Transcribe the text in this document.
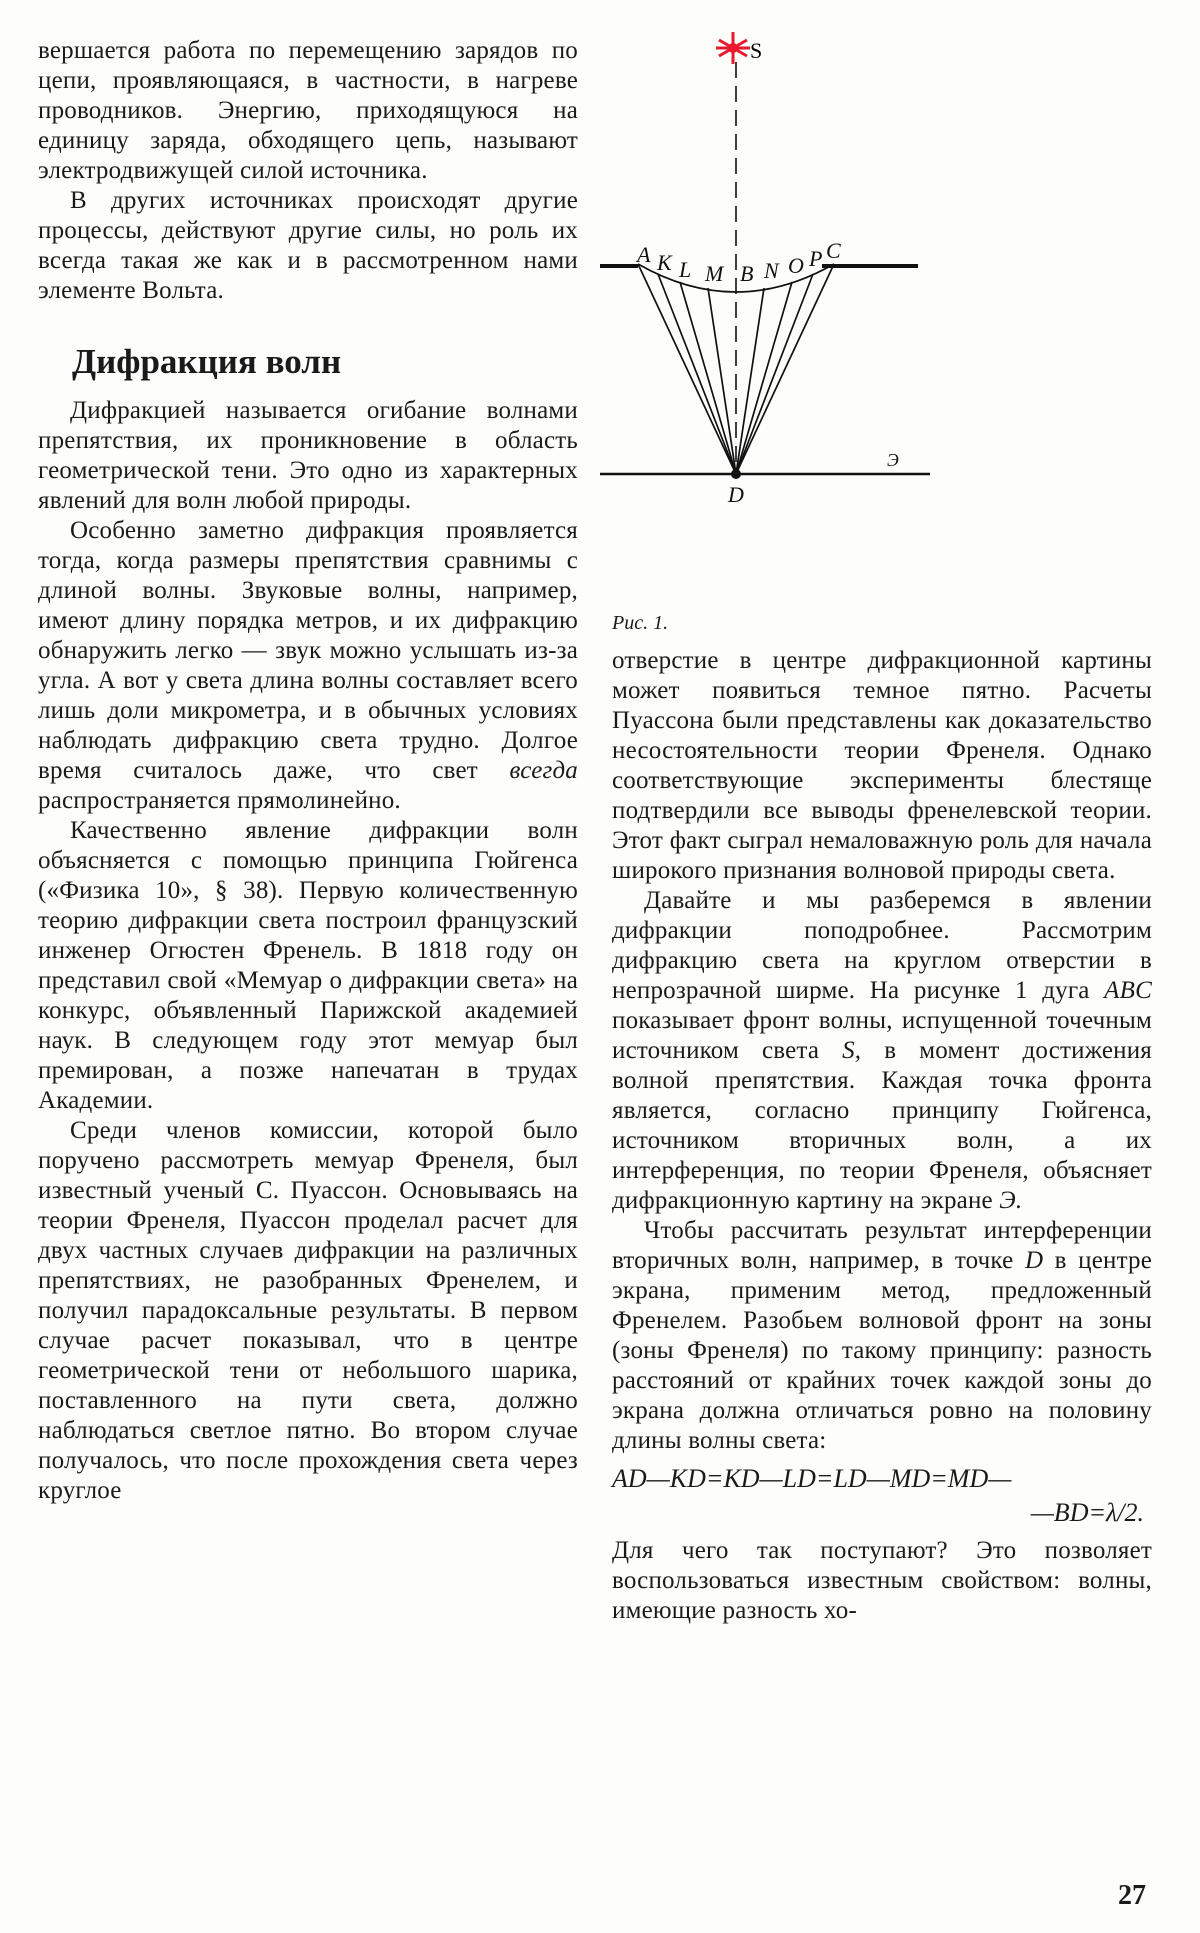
вершается работа по перемещению зарядов по цепи, проявляющаяся, в частности, в нагреве проводников. Энергию, приходящуюся на единицу заряда, обходящего цепь, называют электродвижущей силой источника.

В других источниках происходят другие процессы, действуют другие силы, но роль их всегда такая же как и в рассмотренном нами элементе Вольта.

Дифракция волн

Дифракцией называется огибание волнами препятствия, их проникновение в область геометрической тени. Это одно из характерных явлений для волн любой природы.

Особенно заметно дифракция проявляется тогда, когда размеры препятствия сравнимы с длиной волны. Звуковые волны, например, имеют длину порядка метров, и их дифракцию обнаружить легко — звук можно услышать из-за угла. А вот у света длина волны составляет всего лишь доли микрометра, и в обычных условиях наблюдать дифракцию света трудно. Долгое время считалось даже, что свет всегда распространяется прямолинейно.

Качественно явление дифракции волн объясняется с помощью принципа Гюйгенса («Физика 10», § 38). Первую количественную теорию дифракции света построил французский инженер Огюстен Френель. В 1818 году он представил свой «Мемуар о дифракции света» на конкурс, объявленный Парижской академией наук. В следующем году этот мемуар был премирован, а позже напечатан в трудах Академии.

Среди членов комиссии, которой было поручено рассмотреть мемуар Френеля, был известный ученый С. Пуассон. Основываясь на теории Френеля, Пуассон проделал расчет для двух частных случаев дифракции на различных препятствиях, не разобранных Френелем, и получил парадоксальные результаты. В первом случае расчет показывал, что в центре геометрической тени от небольшого шарика, поставленного на пути света, должно наблюдаться светлое пятно. Во втором случае получалось, что после прохождения света через круглое

S
A K L M B N O P C
D
Э
Рис. 1.

отверстие в центре дифракционной картины может появиться темное пятно. Расчеты Пуассона были представлены как доказательство несостоятельности теории Френеля. Однако соответствующие эксперименты блестяще подтвердили все выводы френелевской теории. Этот факт сыграл немаловажную роль для начала широкого признания волновой природы света.

Давайте и мы разберемся в явлении дифракции поподробнее. Рассмотрим дифракцию света на круглом отверстии в непрозрачной ширме. На рисунке 1 дуга ABC показывает фронт волны, испущенной точечным источником света S, в момент достижения волной препятствия. Каждая точка фронта является, согласно принципу Гюйгенса, источником вторичных волн, а их интерференция, по теории Френеля, объясняет дифракционную картину на экране Э.

Чтобы рассчитать результат интерференции вторичных волн, например, в точке D в центре экрана, применим метод, предложенный Френелем. Разобьем волновой фронт на зоны (зоны Френеля) по такому принципу: разность расстояний от крайних точек каждой зоны до экрана должна отличаться ровно на половину длины волны света:

AD—KD=KD—LD=LD—MD=MD—
—BD=λ/2.

Для чего так поступают? Это позволяет воспользоваться известным свойством: волны, имеющие разность хо-

27
